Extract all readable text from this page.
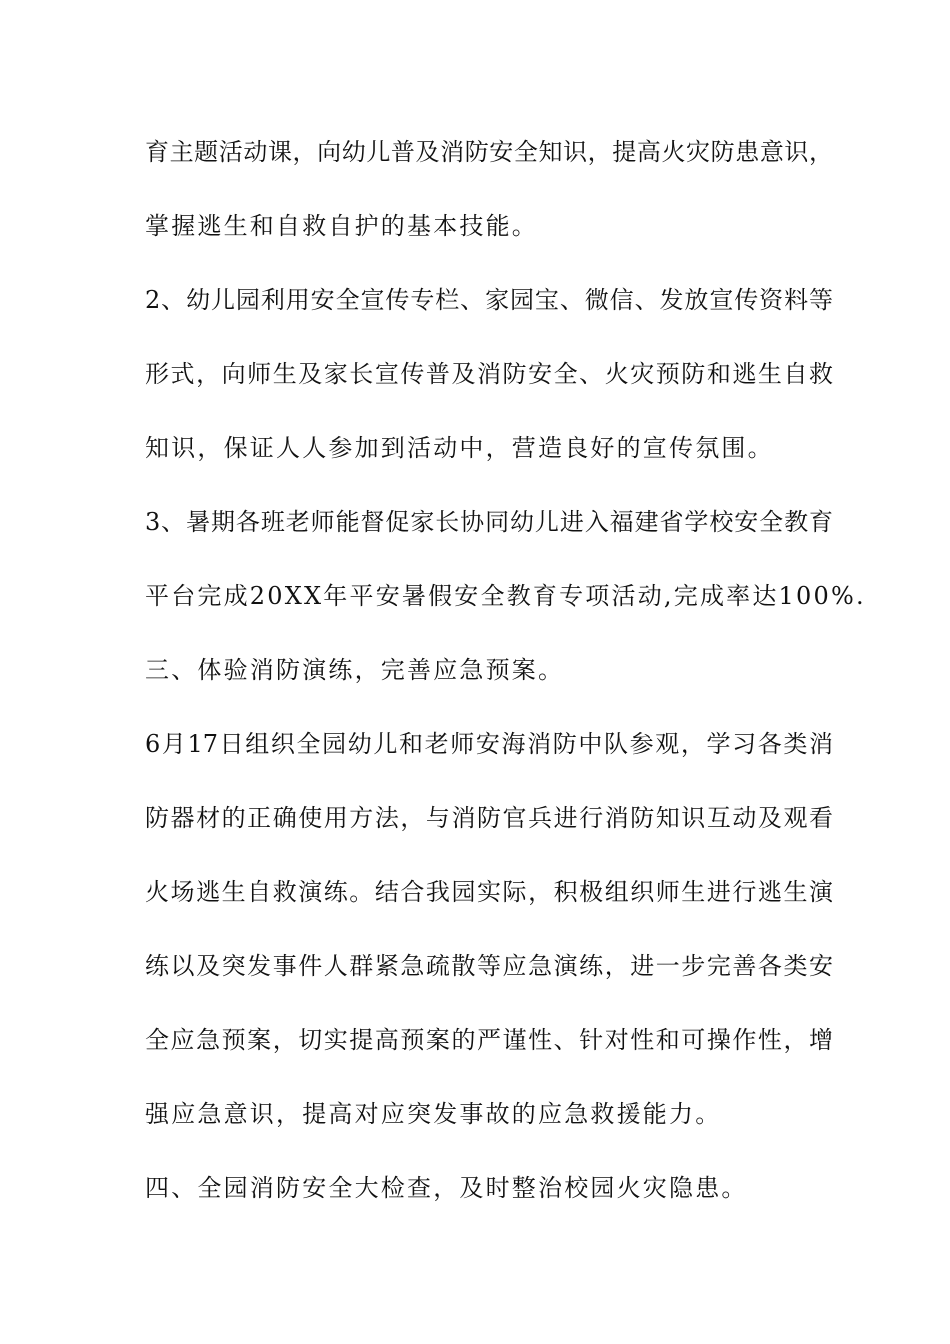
育主题活动课，向幼儿普及消防安全知识，提高火灾防患意识，

掌握逃生和自救自护的基本技能。

2、幼儿园利用安全宣传专栏、家园宝、微信、发放宣传资料等

形式，向师生及家长宣传普及消防安全、火灾预防和逃生自救

知识，保证人人参加到活动中，营造良好的宣传氛围。

3、暑期各班老师能督促家长协同幼儿进入福建省学校安全教育

平台完成20XX年平安暑假安全教育专项活动,完成率达100%.

三、体验消防演练，完善应急预案。

6月17日组织全园幼儿和老师安海消防中队参观，学习各类消

防器材的正确使用方法，与消防官兵进行消防知识互动及观看

火场逃生自救演练。结合我园实际，积极组织师生进行逃生演

练以及突发事件人群紧急疏散等应急演练，进一步完善各类安

全应急预案，切实提高预案的严谨性、针对性和可操作性，增

强应急意识，提高对应突发事故的应急救援能力。

四、全园消防安全大检查，及时整治校园火灾隐患。
